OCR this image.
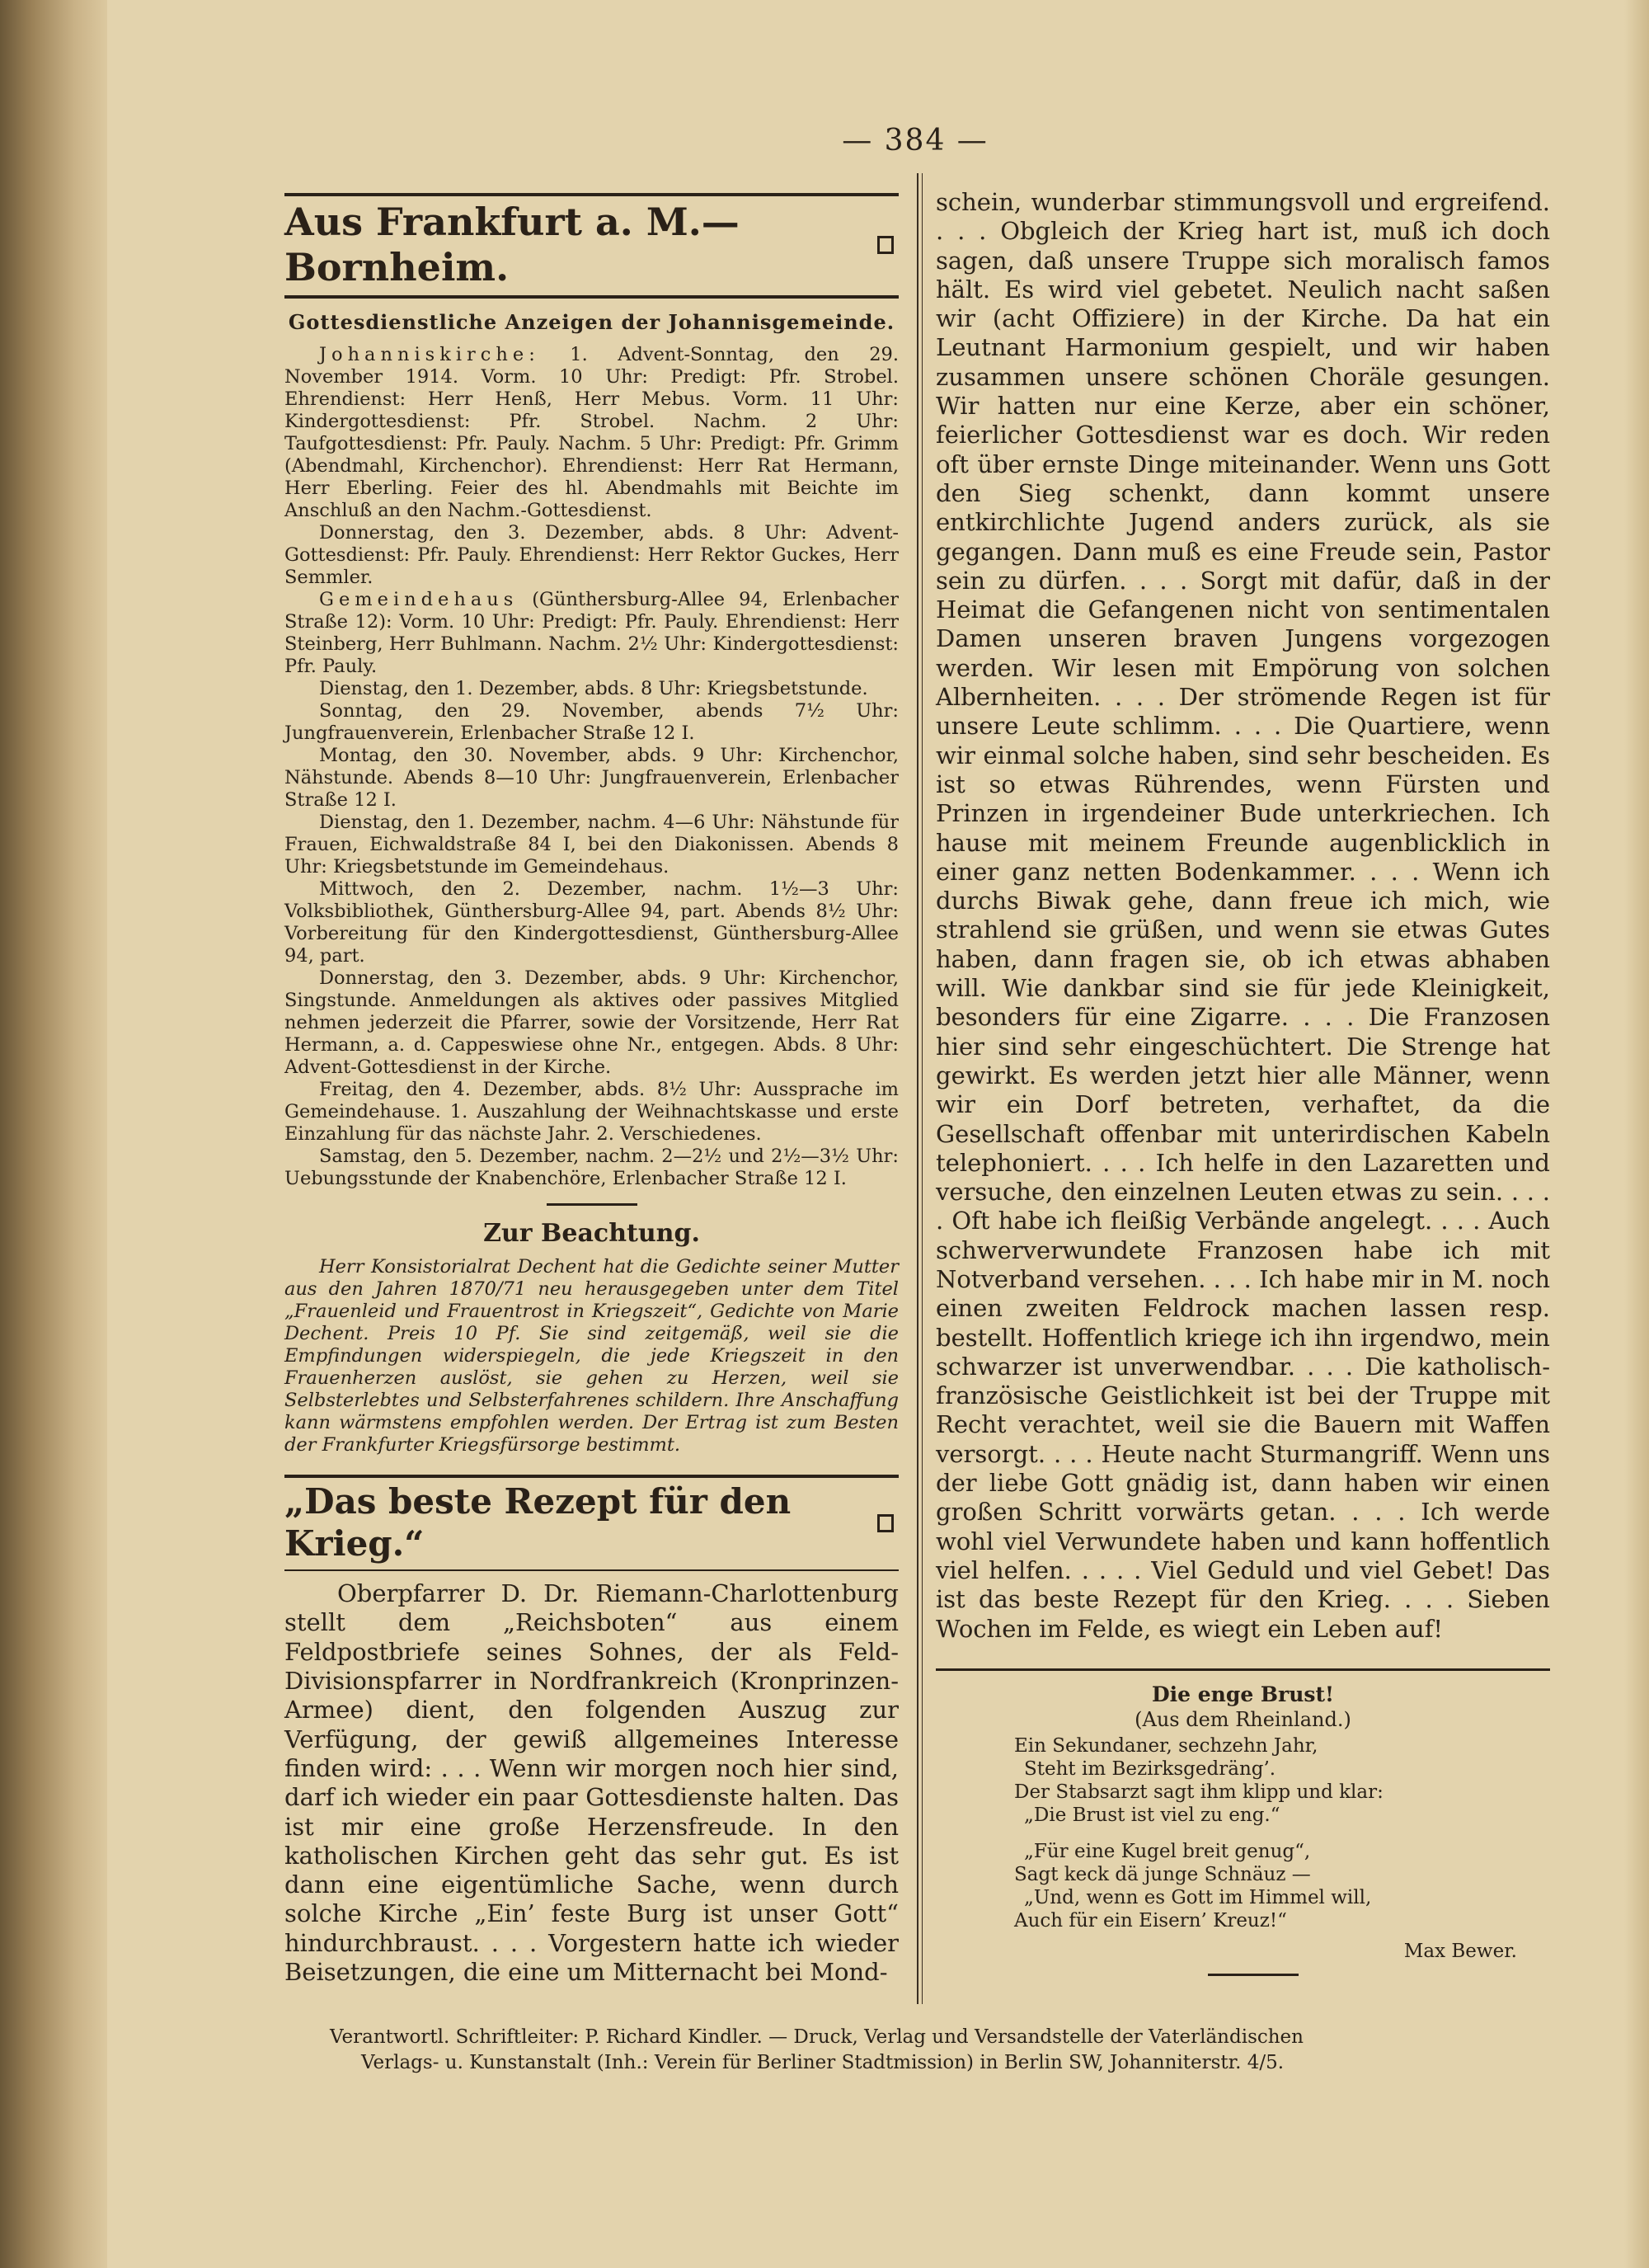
— 384 —
Aus Frankfurt a. M.—Bornheim.
Gottesdienstliche Anzeigen der Johannisgemeinde.

Johanniskirche: 1. Advent-Sonntag, den 29. November 1914. Vorm. 10 Uhr: Predigt: Pfr. Strobel. Ehrendienst: Herr Henß, Herr Mebus. Vorm. 11 Uhr: Kindergottesdienst: Pfr. Strobel. Nachm. 2 Uhr: Taufgottesdienst: Pfr. Pauly. Nachm. 5 Uhr: Predigt: Pfr. Grimm (Abendmahl, Kirchenchor). Ehrendienst: Herr Rat Hermann, Herr Eberling. Feier des hl. Abendmahls mit Beichte im Anschluß an den Nachm.-Gottesdienst.

Donnerstag, den 3. Dezember, abds. 8 Uhr: Advent-Gottesdienst: Pfr. Pauly. Ehrendienst: Herr Rektor Guckes, Herr Semmler.

Gemeindehaus (Günthersburg-Allee 94, Erlenbacher Straße 12): Vorm. 10 Uhr: Predigt: Pfr. Pauly. Ehrendienst: Herr Steinberg, Herr Buhlmann. Nachm. 2½ Uhr: Kindergottesdienst: Pfr. Pauly.

Dienstag, den 1. Dezember, abds. 8 Uhr: Kriegsbetstunde.

Sonntag, den 29. November, abends 7½ Uhr: Jungfrauenverein, Erlenbacher Straße 12 I.

Montag, den 30. November, abds. 9 Uhr: Kirchenchor, Nähstunde. Abends 8—10 Uhr: Jungfrauenverein, Erlenbacher Straße 12 I.

Dienstag, den 1. Dezember, nachm. 4—6 Uhr: Nähstunde für Frauen, Eichwaldstraße 84 I, bei den Diakonissen. Abends 8 Uhr: Kriegsbetstunde im Gemeindehaus.

Mittwoch, den 2. Dezember, nachm. 1½—3 Uhr: Volksbibliothek, Günthersburg-Allee 94, part. Abends 8½ Uhr: Vorbereitung für den Kindergottesdienst, Günthersburg-Allee 94, part.

Donnerstag, den 3. Dezember, abds. 9 Uhr: Kirchenchor, Singstunde. Anmeldungen als aktives oder passives Mitglied nehmen jederzeit die Pfarrer, sowie der Vorsitzende, Herr Rat Hermann, a. d. Cappeswiese ohne Nr., entgegen. Abds. 8 Uhr: Advent-Gottesdienst in der Kirche.

Freitag, den 4. Dezember, abds. 8½ Uhr: Aussprache im Gemeindehause. 1. Auszahlung der Weihnachtskasse und erste Einzahlung für das nächste Jahr. 2. Verschiedenes.

Samstag, den 5. Dezember, nachm. 2—2½ und 2½—3½ Uhr: Uebungsstunde der Knabenchöre, Erlenbacher Straße 12 I.

Zur Beachtung.

Herr Konsistorialrat Dechent hat die Gedichte seiner Mutter aus den Jahren 1870/71 neu herausgegeben unter dem Titel „Frauenleid und Frauentrost in Kriegszeit“, Gedichte von Marie Dechent. Preis 10 Pf. Sie sind zeitgemäß, weil sie die Empfindungen widerspiegeln, die jede Kriegszeit in den Frauenherzen auslöst, sie gehen zu Herzen, weil sie Selbsterlebtes und Selbsterfahrenes schildern. Ihre Anschaffung kann wärmstens empfohlen werden. Der Ertrag ist zum Besten der Frankfurter Kriegsfürsorge bestimmt.

„Das beste Rezept für den Krieg.“

Oberpfarrer D. Dr. Riemann-Charlottenburg stellt dem „Reichsboten“ aus einem Feldpostbriefe seines Sohnes, der als Feld-Divisionspfarrer in Nordfrankreich (Kronprinzen-Armee) dient, den folgenden Auszug zur Verfügung, der gewiß allgemeines Interesse finden wird: . . . Wenn wir morgen noch hier sind, darf ich wieder ein paar Gottesdienste halten. Das ist mir eine große Herzensfreude. In den katholischen Kirchen geht das sehr gut. Es ist dann eine eigentümliche Sache, wenn durch solche Kirche „Ein’ feste Burg ist unser Gott“ hindurchbraust. . . . Vorgestern hatte ich wieder Beisetzungen, die eine um Mitternacht bei Mond-

schein, wunderbar stimmungsvoll und ergreifend. . . . Obgleich der Krieg hart ist, muß ich doch sagen, daß unsere Truppe sich moralisch famos hält. Es wird viel gebetet. Neulich nacht saßen wir (acht Offiziere) in der Kirche. Da hat ein Leutnant Harmonium gespielt, und wir haben zusammen unsere schönen Choräle gesungen. Wir hatten nur eine Kerze, aber ein schöner, feierlicher Gottesdienst war es doch. Wir reden oft über ernste Dinge miteinander. Wenn uns Gott den Sieg schenkt, dann kommt unsere entkirchlichte Jugend anders zurück, als sie gegangen. Dann muß es eine Freude sein, Pastor sein zu dürfen. . . . Sorgt mit dafür, daß in der Heimat die Gefangenen nicht von sentimentalen Damen unseren braven Jungens vorgezogen werden. Wir lesen mit Empörung von solchen Albernheiten. . . . Der strömende Regen ist für unsere Leute schlimm. . . . Die Quartiere, wenn wir einmal solche haben, sind sehr bescheiden. Es ist so etwas Rührendes, wenn Fürsten und Prinzen in irgendeiner Bude unterkriechen. Ich hause mit meinem Freunde augenblicklich in einer ganz netten Bodenkammer. . . . Wenn ich durchs Biwak gehe, dann freue ich mich, wie strahlend sie grüßen, und wenn sie etwas Gutes haben, dann fragen sie, ob ich etwas abhaben will. Wie dankbar sind sie für jede Kleinigkeit, besonders für eine Zigarre. . . . Die Franzosen hier sind sehr eingeschüchtert. Die Strenge hat gewirkt. Es werden jetzt hier alle Männer, wenn wir ein Dorf betreten, verhaftet, da die Gesellschaft offenbar mit unterirdischen Kabeln telephoniert. . . . Ich helfe in den Lazaretten und versuche, den einzelnen Leuten etwas zu sein. . . . . Oft habe ich fleißig Verbände angelegt. . . . Auch schwerverwundete Franzosen habe ich mit Notverband versehen. . . . Ich habe mir in M. noch einen zweiten Feldrock machen lassen resp. bestellt. Hoffentlich kriege ich ihn irgendwo, mein schwarzer ist unverwendbar. . . . Die katholisch-französische Geistlichkeit ist bei der Truppe mit Recht verachtet, weil sie die Bauern mit Waffen versorgt. . . . Heute nacht Sturmangriff. Wenn uns der liebe Gott gnädig ist, dann haben wir einen großen Schritt vorwärts getan. . . . Ich werde wohl viel Verwundete haben und kann hoffentlich viel helfen. . . . . Viel Geduld und viel Gebet! Das ist das beste Rezept für den Krieg. . . . Sieben Wochen im Felde, es wiegt ein Leben auf!

Die enge Brust!
(Aus dem Rheinland.)
Ein Sekundaner, sechzehn Jahr,
Steht im Bezirksgedräng’.
Der Stabsarzt sagt ihm klipp und klar:
„Die Brust ist viel zu eng.“
„Für eine Kugel breit genug“,
Sagt keck dä junge Schnäuz —
„Und, wenn es Gott im Himmel will,
Auch für ein Eisern’ Kreuz!“
Max Bewer.
Verantwortl. Schriftleiter: P. Richard Kindler. — Druck, Verlag und Versandstelle der Vaterländischen
Verlags- u. Kunstanstalt (Inh.: Verein für Berliner Stadtmission) in Berlin SW, Johanniterstr. 4/5.
